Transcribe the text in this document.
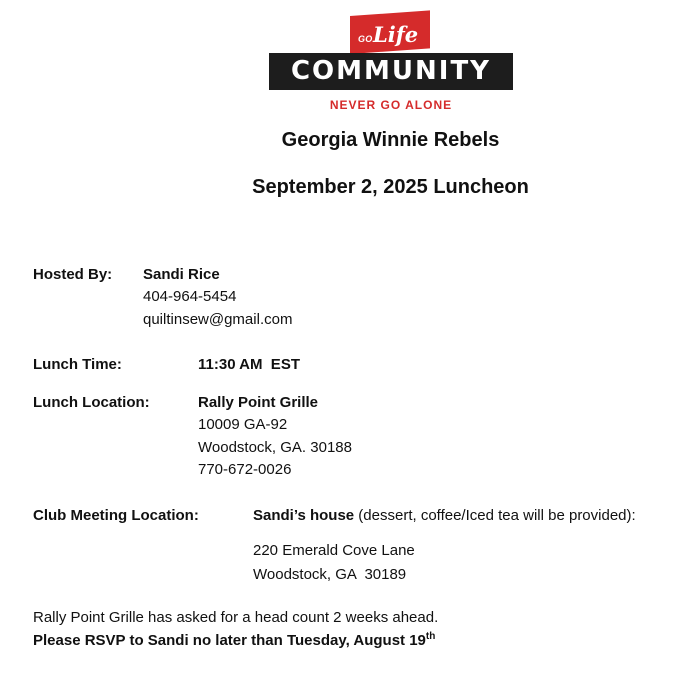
GO Life
COMMUNITY
NEVER GO ALONE
Georgia Winnie Rebels
September 2, 2025 Luncheon
Hosted By: Sandi Rice
404-964-5454
quiltinsew@gmail.com
Lunch Time:	11:30 AM  EST
Lunch Location:	Rally Point Grille
10009 GA-92
Woodstock, GA. 30188
770-672-0026
Club Meeting Location:	Sandi’s house (dessert, coffee/Iced tea will be provided):
220 Emerald Cove Lane
Woodstock, GA  30189
Rally Point Grille has asked for a head count 2 weeks ahead.
Please RSVP to Sandi no later than Tuesday, August 19th
